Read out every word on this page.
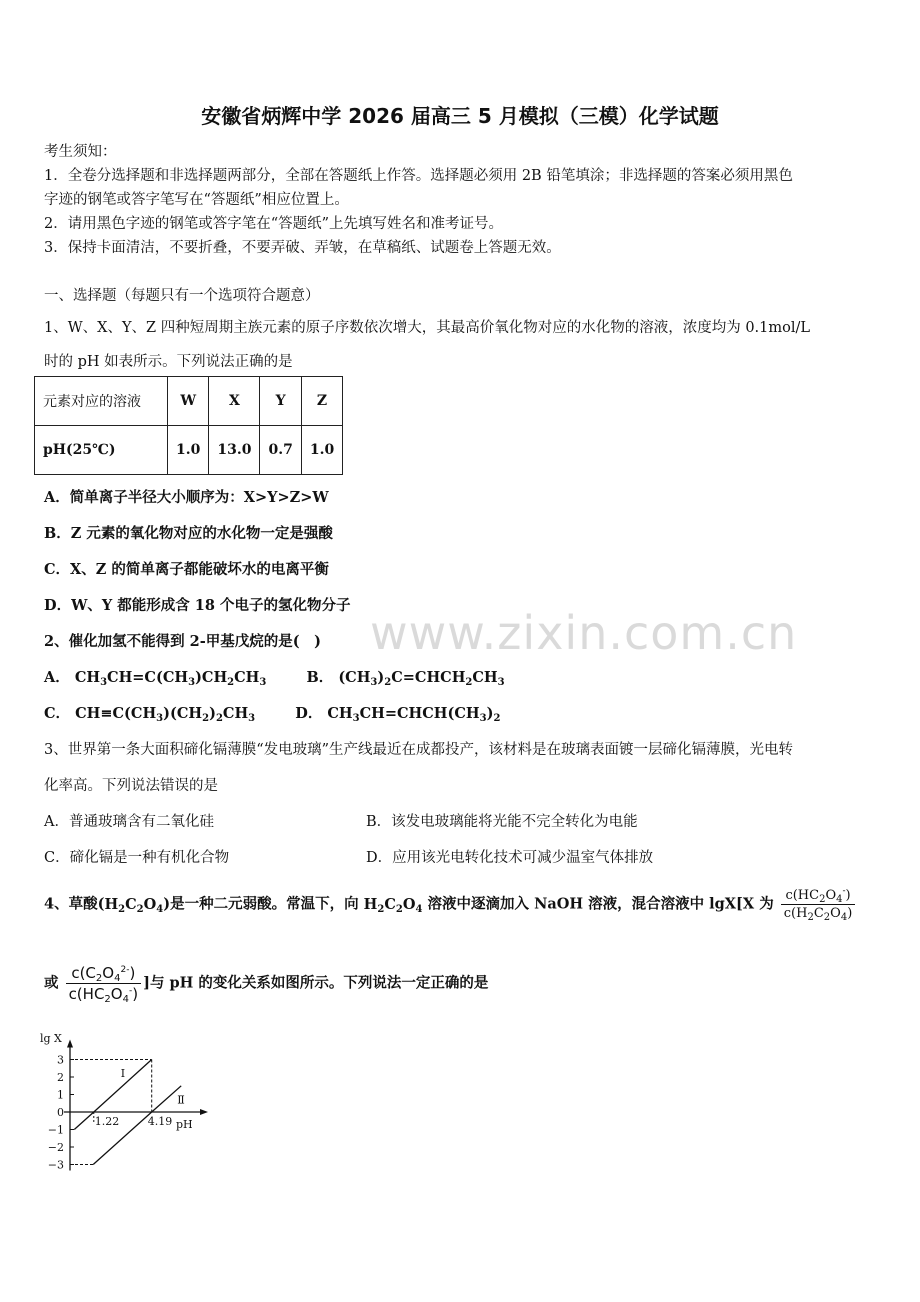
安徽省炳辉中学 2026 届高三 5 月模拟（三模）化学试题
考生须知：
1．全卷分选择题和非选择题两部分，全部在答题纸上作答。选择题必须用 2B 铅笔填涂；非选择题的答案必须用黑色
字迹的钢笔或答字笔写在“答题纸”相应位置上。
2．请用黑色字迹的钢笔或答字笔在“答题纸”上先填写姓名和准考证号。
3．保持卡面清洁，不要折叠，不要弄破、弄皱，在草稿纸、试题卷上答题无效。
一、选择题（每题只有一个选项符合题意）
1、W、X、Y、Z 四种短周期主族元素的原子序数依次增大，其最高价氧化物对应的水化物的溶液，浓度均为 0.1mol/L
时的 pH 如表所示。下列说法正确的是
元素对应的溶液	W	X	Y	Z
pH(25℃)	1.0	13.0	0.7	1.0
A．简单离子半径大小顺序为：X>Y>Z>W
B．Z 元素的氧化物对应的水化物一定是强酸
C．X、Z 的简单离子都能破坏水的电离平衡
D．W、Y 都能形成含 18 个电子的氢化物分子
www.zixin.com.cn
2、催化加氢不能得到 2-甲基戊烷的是(　)
A． $CH_3CH=C(CH_3)CH_2CH_3$	B． $(CH_3)_2C=CHCH_2CH_3$
C． $CH\equiv C(CH_3)(CH_2)_2CH_3$	D． $CH_3CH=CHCH(CH_3)_2$
3、世界第一条大面积碲化镉薄膜“发电玻璃”生产线最近在成都投产，该材料是在玻璃表面镀一层碲化镉薄膜，光电转
化率高。下列说法错误的是
A．普通玻璃含有二氧化硅	B．该发电玻璃能将光能不完全转化为电能
C．碲化镉是一种有机化合物	D．应用该光电转化技术可减少温室气体排放
4、草酸$(H_2C_2O_4)$是一种二元弱酸。常温下，向 $H_2C_2O_4$ 溶液中逐滴加入 NaOH 溶液，混合溶液中 lgX[X 为 $\frac{c(HC_2O_4^-)}{c(H_2C_2O_4)}$
或 $\frac{c(C_2O_4^{2-})}{c(HC_2O_4^-)}$ ]与 pH 的变化关系如图所示。下列说法一定正确的是
lg X
pH
3
2
1
0
−1
−2
−3
1.22	4.19
I
Ⅱ
